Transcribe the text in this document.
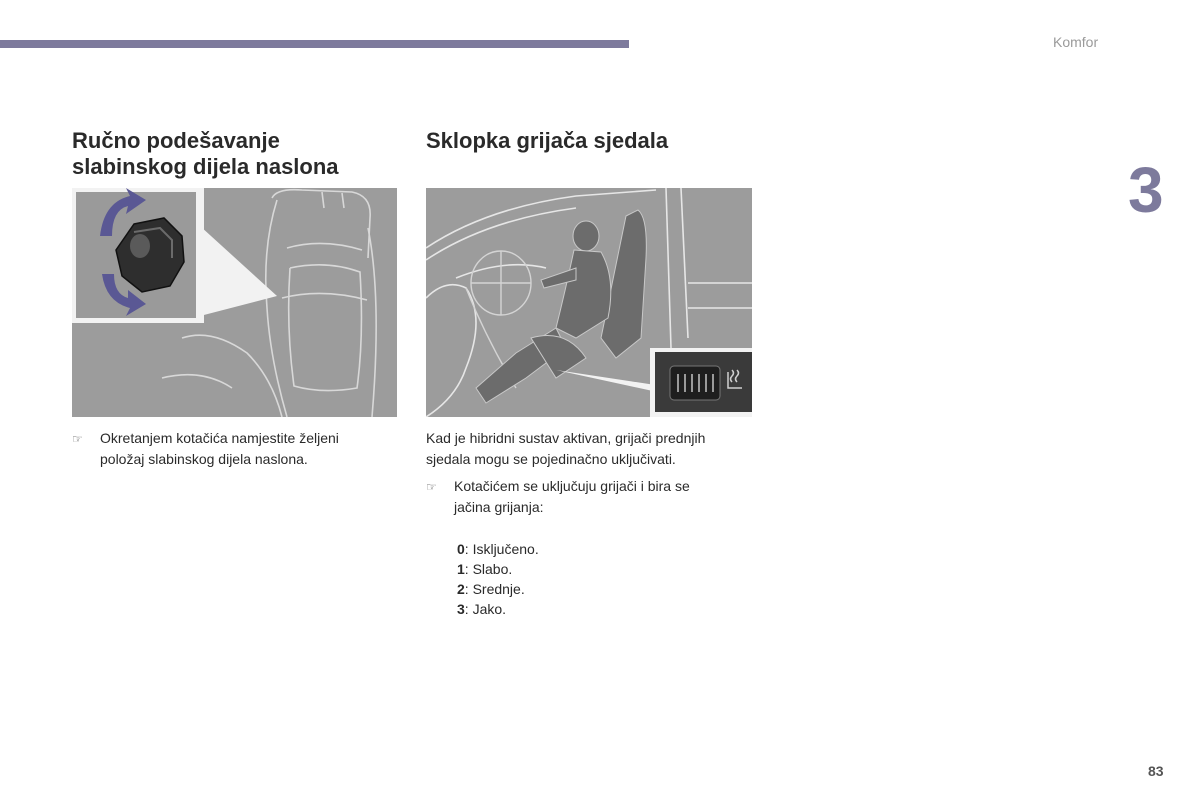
Komfor
3
Ručno podešavanje
slabinskog dijela naslona
☞	Okretanjem kotačića namjestite željeni
položaj slabinskog dijela naslona.
Sklopka grijača sjedala

Kad je hibridni sustav aktivan, grijači prednjih
sjedala mogu se pojedinačno uključivati.

☞	Kotačićem se uključuju grijači i bira se
jačina grijanja:
0: Isključeno.
1: Slabo.
2: Srednje.
3: Jako.
83
